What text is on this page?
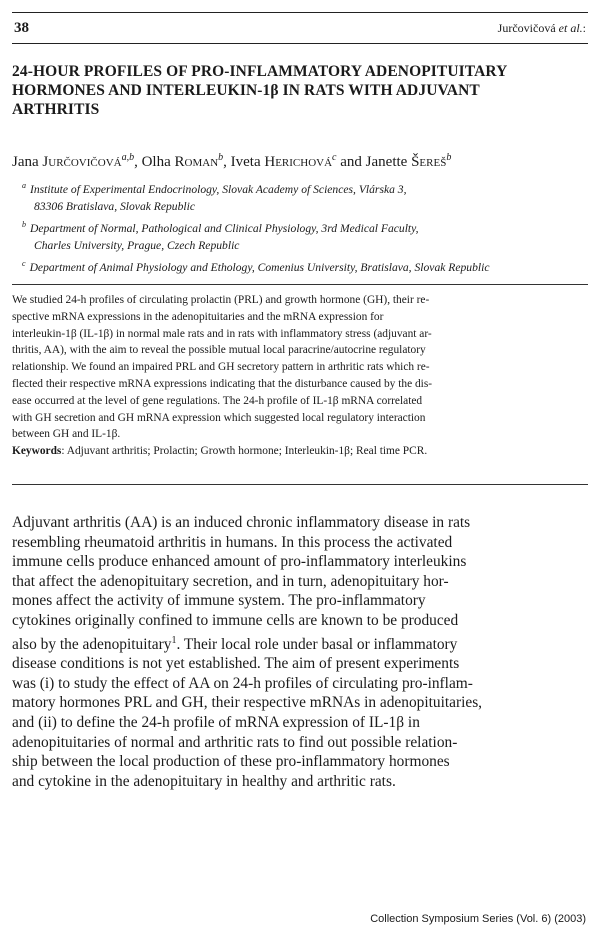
38	Jurčovičová et al.:
24-HOUR PROFILES OF PRO-INFLAMMATORY ADENOPITUITARY
HORMONES AND INTERLEUKIN-1β IN RATS WITH ADJUVANT
ARTHRITIS
Jana Jurčovičová$^{a,b}$, Olha Roman$^b$, Iveta Herichová$^c$ and Janette Šereš$^b$
$^a$ Institute of Experimental Endocrinology, Slovak Academy of Sciences, Vlárska 3,
83306 Bratislava, Slovak Republic
$^b$ Department of Normal, Pathological and Clinical Physiology, 3rd Medical Faculty,
Charles University, Prague, Czech Republic
$^c$ Department of Animal Physiology and Ethology, Comenius University, Bratislava, Slovak Republic
We studied 24-h profiles of circulating prolactin (PRL) and growth hormone (GH), their re-
spective mRNA expressions in the adenopituitaries and the mRNA expression for
interleukin-1β (IL-1β) in normal male rats and in rats with inflammatory stress (adjuvant ar-
thritis, AA), with the aim to reveal the possible mutual local paracrine/autocrine regulatory
relationship. We found an impaired PRL and GH secretory pattern in arthritic rats which re-
flected their respective mRNA expressions indicating that the disturbance caused by the dis-
ease occurred at the level of gene regulations. The 24-h profile of IL-1β mRNA correlated
with GH secretion and GH mRNA expression which suggested local regulatory interaction
between GH and IL-1β.
Keywords: Adjuvant arthritis; Prolactin; Growth hormone; Interleukin-1β; Real time PCR.
Adjuvant arthritis (AA) is an induced chronic inflammatory disease in rats
resembling rheumatoid arthritis in humans. In this process the activated
immune cells produce enhanced amount of pro-inflammatory interleukins
that affect the adenopituitary secretion, and in turn, adenopituitary hor-
mones affect the activity of immune system. The pro-inflammatory
cytokines originally confined to immune cells are known to be produced
also by the adenopituitary$^1$. Their local role under basal or inflammatory
disease conditions is not yet established. The aim of present experiments
was (i) to study the effect of AA on 24-h profiles of circulating pro-inflam-
matory hormones PRL and GH, their respective mRNAs in adenopituitaries,
and (ii) to define the 24-h profile of mRNA expression of IL-1β in
adenopituitaries of normal and arthritic rats to find out possible relation-
ship between the local production of these pro-inflammatory hormones
and cytokine in the adenopituitary in healthy and arthritic rats.
Collection Symposium Series (Vol. 6) (2003)
